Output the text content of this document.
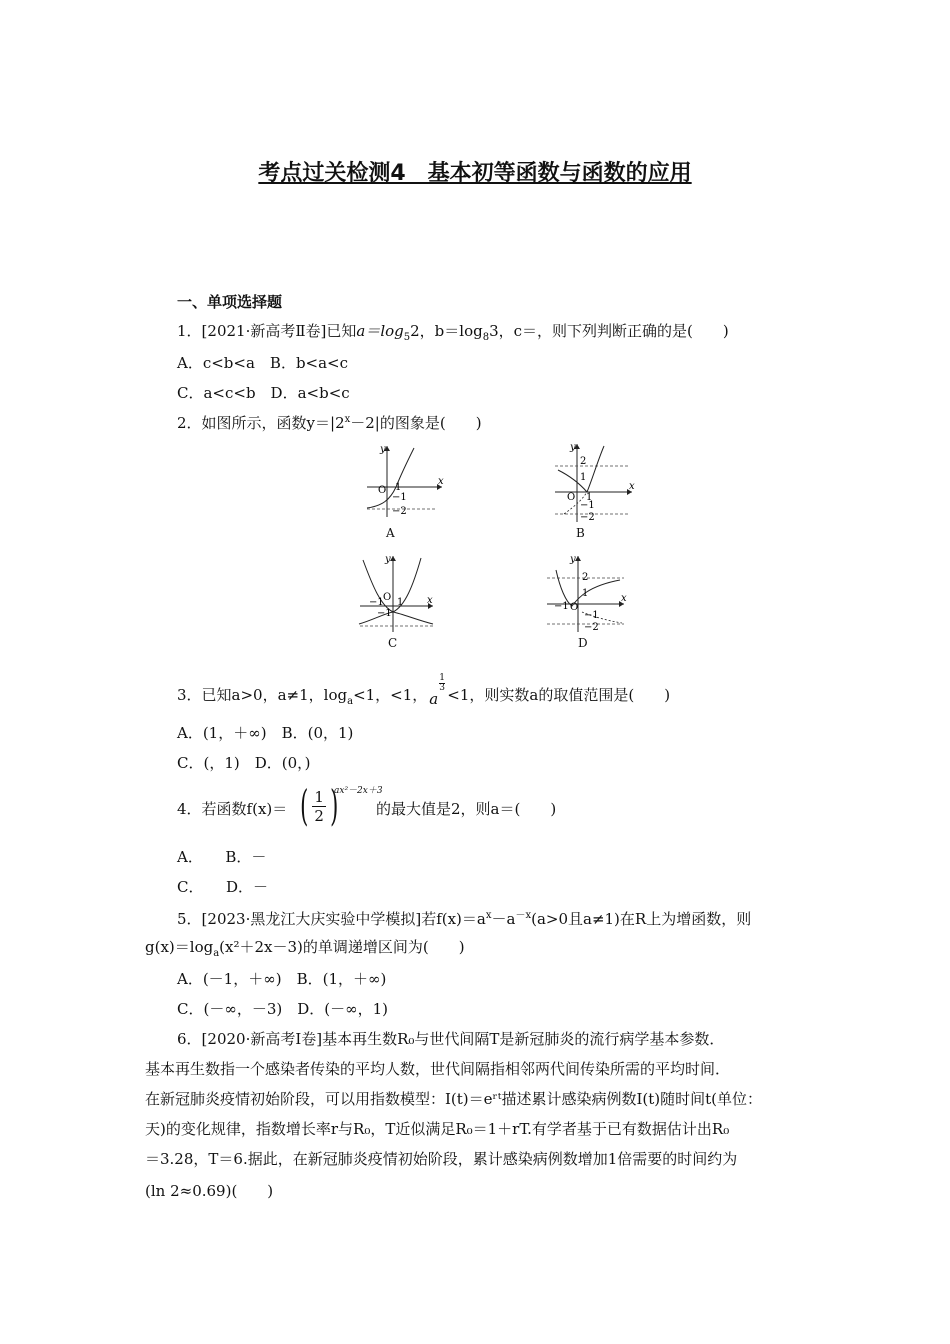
考点过关检测4　基本初等函数与函数的应用
一、单项选择题
1．[2021·新高考Ⅱ卷]已知$a=\log_52$，$b=\log_83$，c＝，则下列判断正确的是(　　)
A．c<b<a　B．b<a<c
C．a<c<b　D．a<b<c
2．如图所示，函数$y=|2^x-2|$的图象是(　　)
x
y
O 1
−1
−2
A
x
y
2
1
O 1
−1
−2
B
x
y
O
−1 1
−1
C
x
y
2
1
O
−1
−1
−2
D
3．已知a>0，a≠1，$\log_a<1$，<1， a
1
3 <1，则实数a的取值范围是(　　)
A．(1，＋∞)　B．(0，1)
C．(，1)　D．(0，)
4．若函数f(x)＝ ( $\frac{1}{2}$ )
ax²－2x＋3
的最大值是2，则a＝(　　)
A．　　B．－
C．　　D．－
5．[2023·黑龙江大庆实验中学模拟]若$f(x)=a^x-a^{-x}(a>0$且a≠1)在R上为增函数，则
$g(x)=\log_a(x^2+2x-3)$的单调递增区间为(　　)
A．(－1，＋∞)　B．(1，＋∞)
C．(－∞，－3)　D．(－∞，1)
6．[2020·新高考Ⅰ卷]基本再生数R₀与世代间隔T是新冠肺炎的流行病学基本参数．
基本再生数指一个感染者传染的平均人数，世代间隔指相邻两代间传染所需的平均时间．
在新冠肺炎疫情初始阶段，可以用指数模型：I(t)＝eʳᵗ描述累计感染病例数I(t)随时间t(单位：
天)的变化规律，指数增长率r与R₀，T近似满足R₀＝1＋rT.有学者基于已有数据估计出R₀
＝3.28，T＝6.据此，在新冠肺炎疫情初始阶段，累计感染病例数增加1倍需要的时间约为
(ln 2≈0.69)(　　)
